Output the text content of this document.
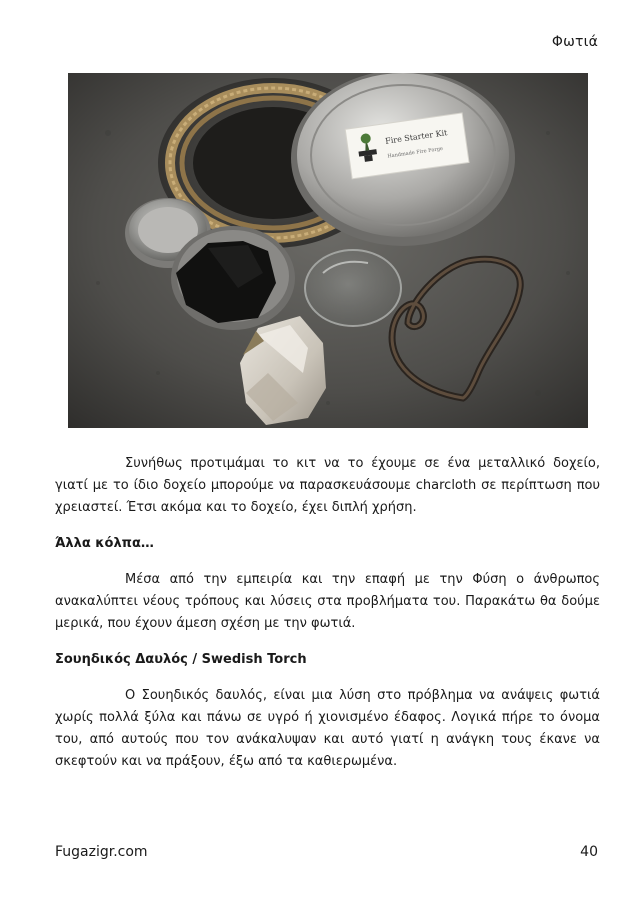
Φωτιά
Fire Starter Kit
Handmade Fire Forge

Συνήθως προτιμάμαι το κιτ να το έχουμε σε ένα μεταλλικό δοχείο, γιατί με το ίδιο δοχείο μπορούμε να παρασκευάσουμε charcloth σε περίπτωση που χρειαστεί. Έτσι ακόμα και το δοχείο, έχει διπλή χρήση.

Άλλα κόλπα…

Μέσα από την εμπειρία και την επαφή με την Φύση ο άνθρωπος ανακαλύπτει νέους τρόπους και λύσεις στα προβλήματα του. Παρακάτω θα δούμε μερικά, που έχουν άμεση σχέση με την φωτιά.

Σουηδικός Δαυλός / Swedish Torch

Ο Σουηδικός δαυλός, είναι μια λύση στο πρόβλημα να ανάψεις φωτιά χωρίς πολλά ξύλα και πάνω σε υγρό ή χιονισμένο έδαφος. Λογικά πήρε το όνομα του, από αυτούς που τον ανάκαλυψαν και αυτό γιατί η ανάγκη τους έκανε να σκεφτούν και να πράξουν, έξω από τα καθιερωμένα.

Fugazigr.com	40
